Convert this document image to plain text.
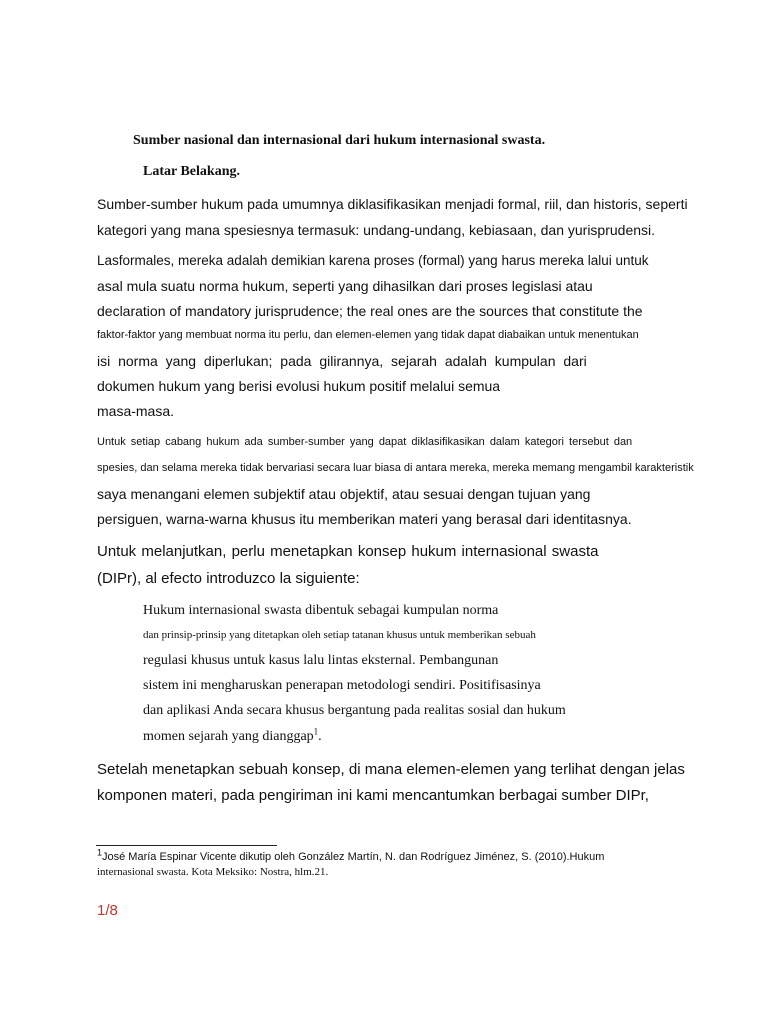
Sumber nasional dan internasional dari hukum internasional swasta.

Latar Belakang.

Sumber-sumber hukum pada umumnya diklasifikasikan menjadi formal, riil, dan historis, seperti

kategori yang mana spesiesnya termasuk: undang-undang, kebiasaan, dan yurisprudensi.

Lasformales, mereka adalah demikian karena proses (formal) yang harus mereka lalui untuk

asal mula suatu norma hukum, seperti yang dihasilkan dari proses legislasi atau

declaration of mandatory jurisprudence; the real ones are the sources that constitute the

faktor-faktor yang membuat norma itu perlu, dan elemen-elemen yang tidak dapat diabaikan untuk menentukan

isi norma yang diperlukan; pada gilirannya, sejarah adalah kumpulan dari

dokumen hukum yang berisi evolusi hukum positif melalui semua

masa-masa.

Untuk setiap cabang hukum ada sumber-sumber yang dapat diklasifikasikan dalam kategori tersebut dan

spesies, dan selama mereka tidak bervariasi secara luar biasa di antara mereka, mereka memang mengambil karakteristik

saya menangani elemen subjektif atau objektif, atau sesuai dengan tujuan yang

persiguen, warna-warna khusus itu memberikan materi yang berasal dari identitasnya.

Untuk melanjutkan, perlu menetapkan konsep hukum internasional swasta

(DIPr), al efecto introduzco la siguiente:

Hukum internasional swasta dibentuk sebagai kumpulan norma

dan prinsip-prinsip yang ditetapkan oleh setiap tatanan khusus untuk memberikan sebuah

regulasi khusus untuk kasus lalu lintas eksternal. Pembangunan

sistem ini mengharuskan penerapan metodologi sendiri. Positifisasinya

dan aplikasi Anda secara khusus bergantung pada realitas sosial dan hukum

momen sejarah yang dianggap$^1$.

Setelah menetapkan sebuah konsep, di mana elemen-elemen yang terlihat dengan jelas

komponen materi, pada pengiriman ini kami mencantumkan berbagai sumber DIPr,

$^1$José María Espinar Vicente dikutip oleh González Martín, N. dan Rodríguez Jiménez, S. (2010).Hukum

internasional swasta. Kota Meksiko: Nostra, hlm.21.

1/8
